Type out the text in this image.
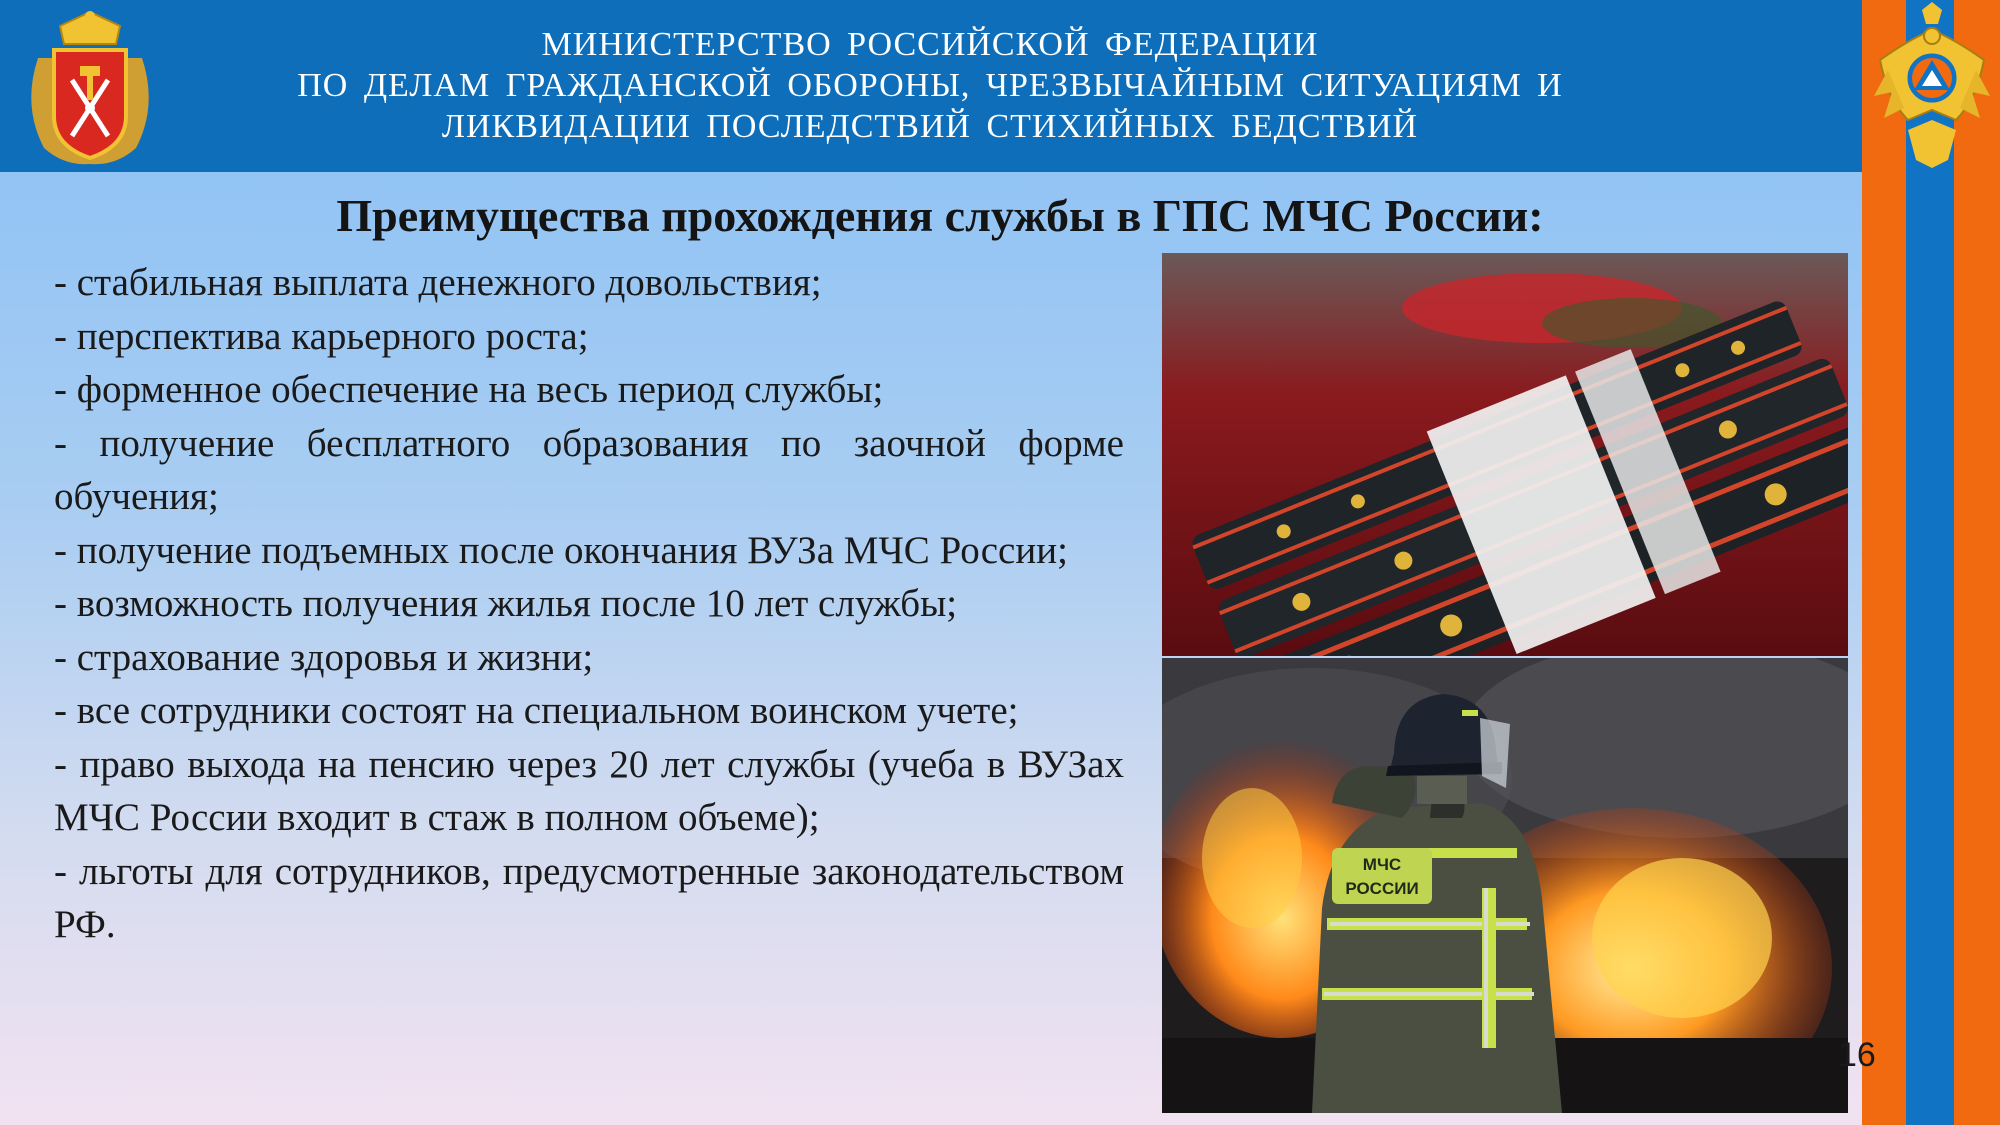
МИНИСТЕРСТВО РОССИЙСКОЙ ФЕДЕРАЦИИ
ПО ДЕЛАМ ГРАЖДАНСКОЙ ОБОРОНЫ, ЧРЕЗВЫЧАЙНЫМ СИТУАЦИЯМ И
ЛИКВИДАЦИИ ПОСЛЕДСТВИЙ СТИХИЙНЫХ БЕДСТВИЙ
Преимущества прохождения службы в ГПС МЧС России:
- стабильная выплата денежного довольствия;
- перспектива карьерного роста;
- форменное обеспечение на весь период службы;
- получение бесплатного образования по заочной форме обучения;
- получение подъемных после окончания ВУЗа МЧС России;
- возможность получения жилья после 10 лет службы;
- страхование здоровья и жизни;
- все сотрудники состоят на специальном воинском учете;
- право выхода на пенсию через 20 лет службы (учеба в ВУЗах МЧС России входит в стаж в полном объеме);
- льготы для сотрудников, предусмотренные законодательством РФ.
МЧС
РОССИИ
16
